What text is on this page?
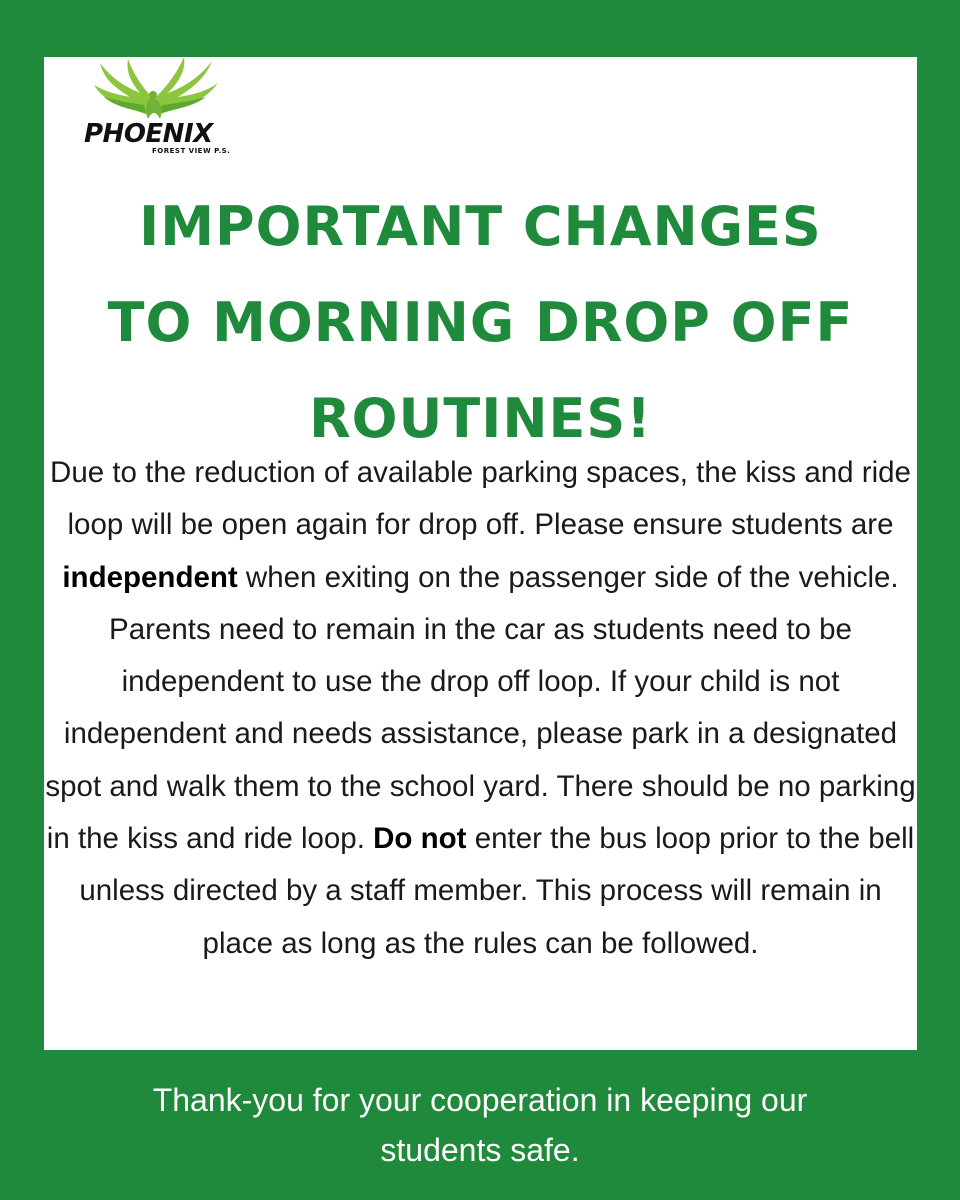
PHOENIX
FOREST VIEW P.S.
IMPORTANT CHANGES
TO MORNING DROP OFF
ROUTINES!
Due to the reduction of available parking spaces, the kiss and ride loop will be open again for drop off. Please ensure students are independent when exiting on the passenger side of the vehicle. Parents need to remain in the car as students need to be independent to use the drop off loop. If your child is not independent and needs assistance, please park in a designated spot and walk them to the school yard. There should be no parking in the kiss and ride loop. Do not enter the bus loop prior to the bell unless directed by a staff member. This process will remain in place as long as the rules can be followed.
Thank-you for your cooperation in keeping our
students safe.
